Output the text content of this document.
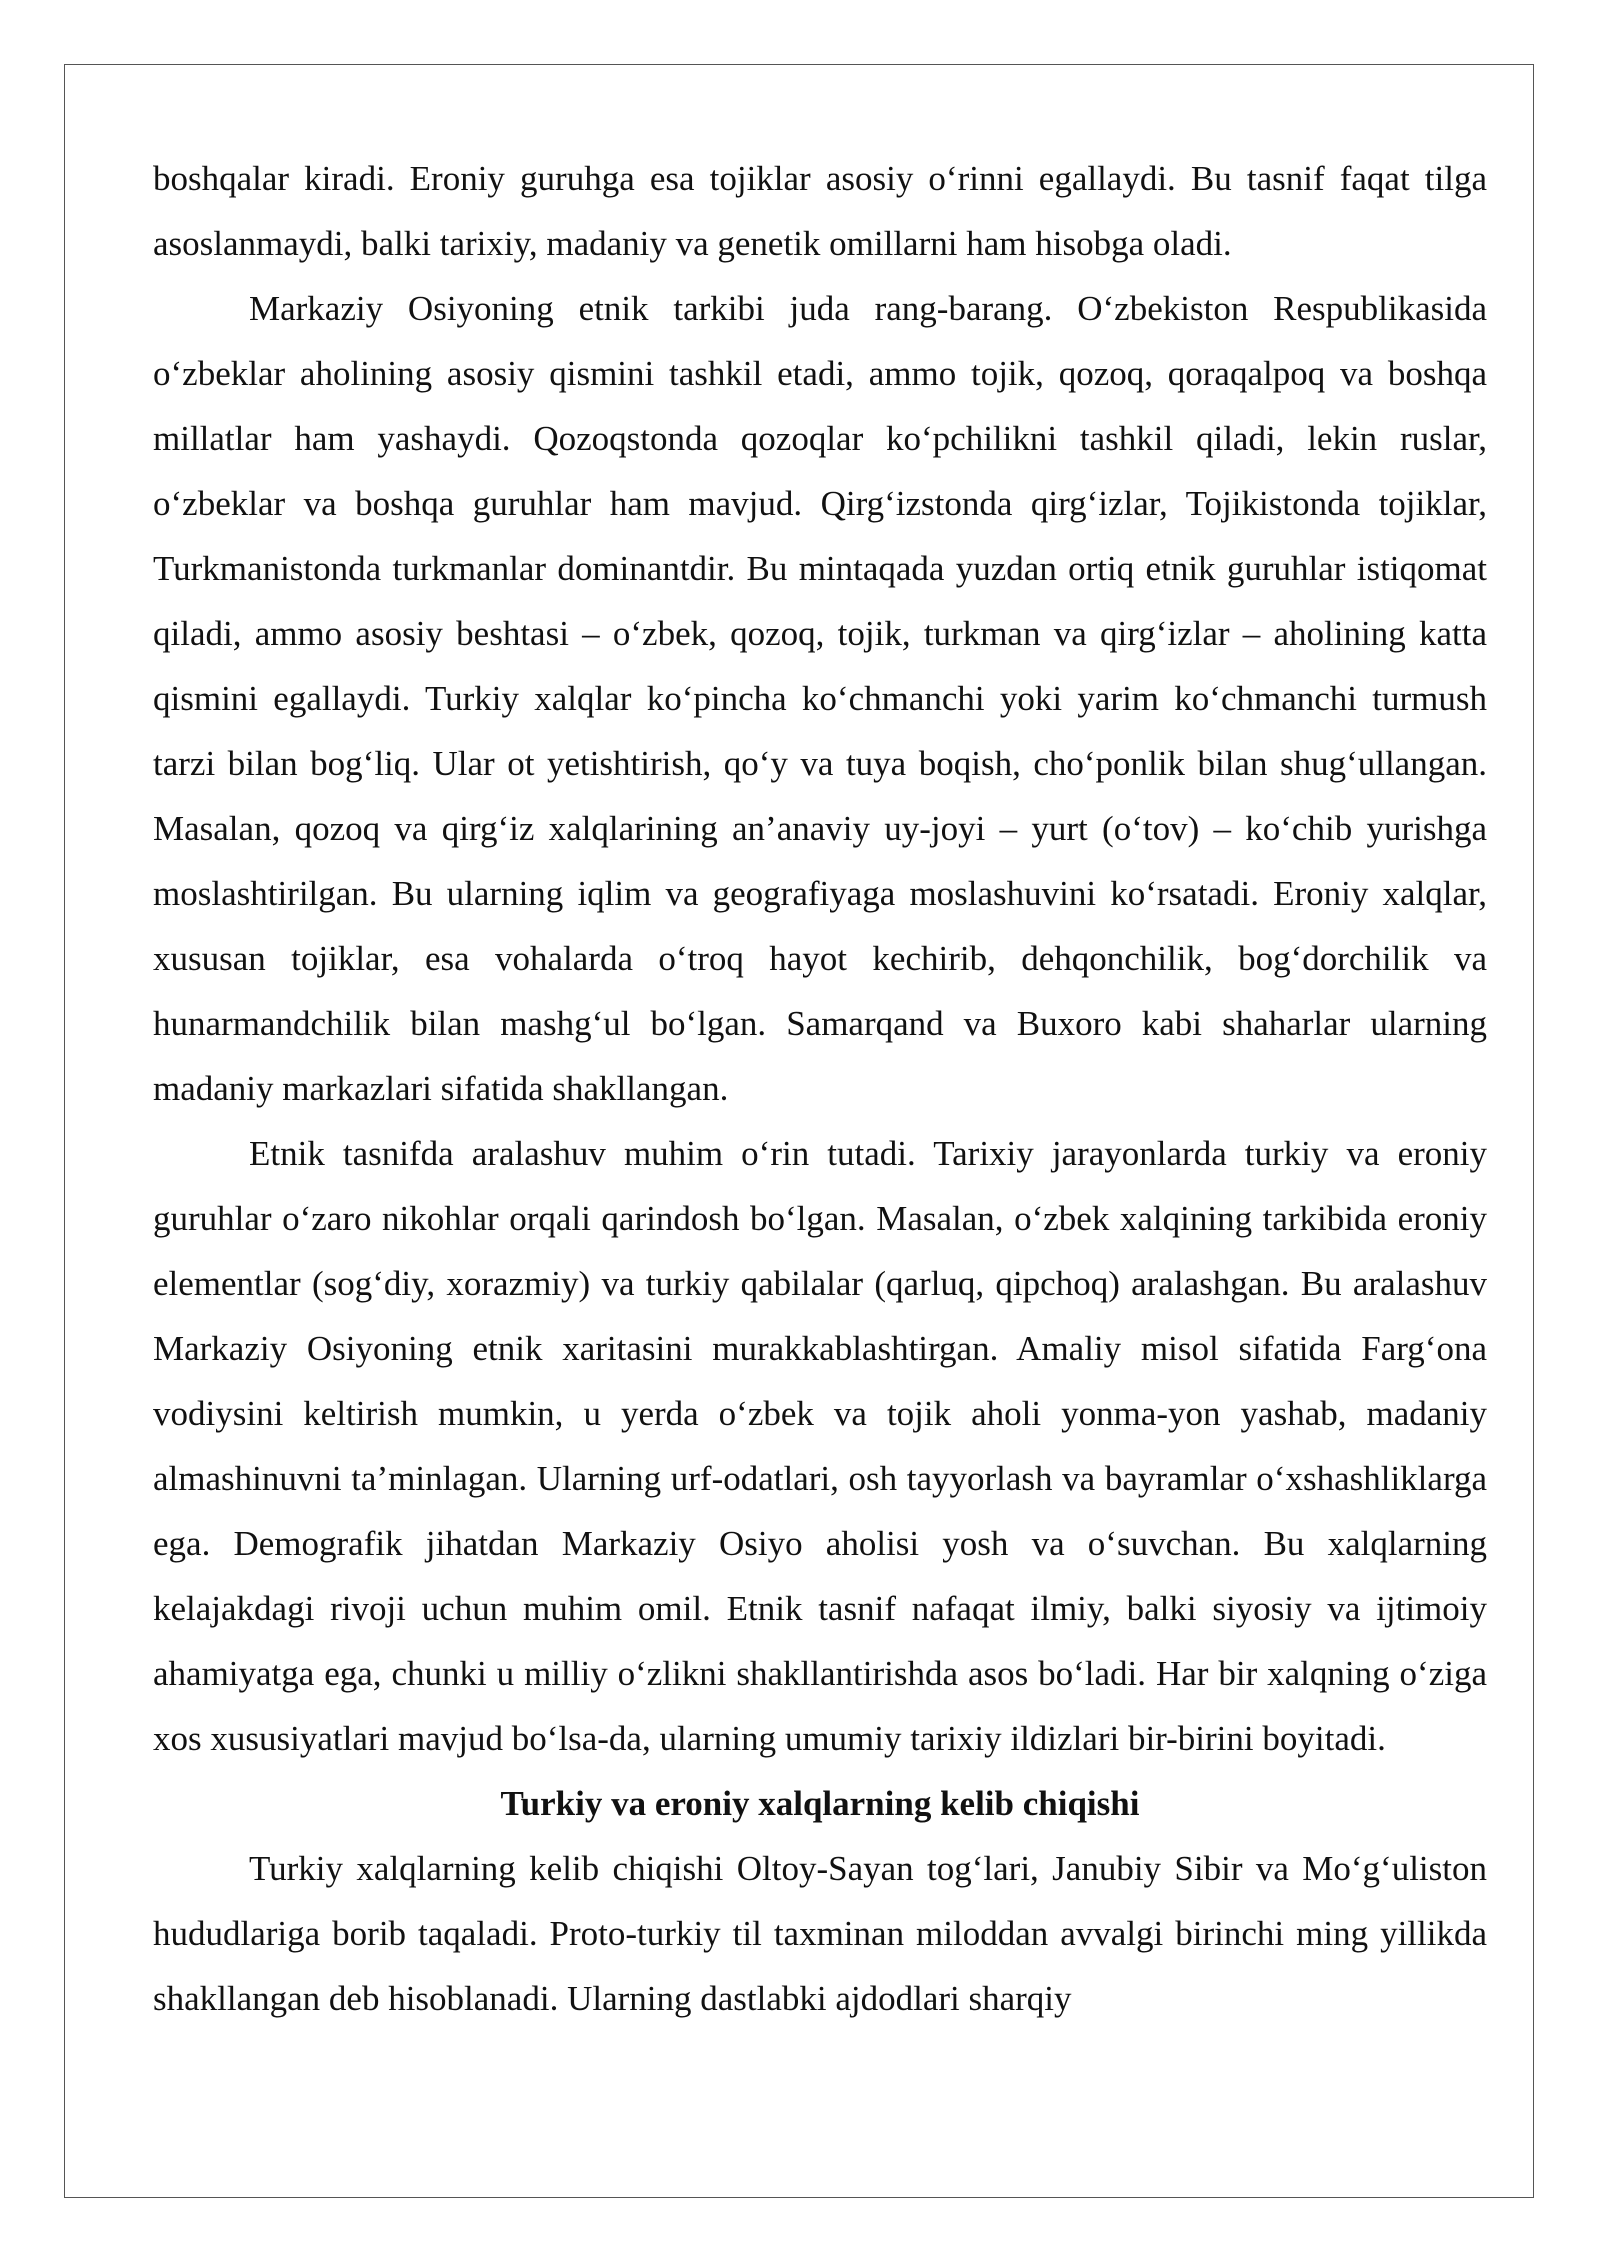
boshqalar kiradi. Eroniy guruhga esa tojiklar asosiy oʻrinni egallaydi. Bu tasnif faqat tilga asoslanmaydi, balki tarixiy, madaniy va genetik omillarni ham hisobga oladi.

Markaziy Osiyoning etnik tarkibi juda rang-barang. Oʻzbekiston Respublikasida oʻzbeklar aholining asosiy qismini tashkil etadi, ammo tojik, qozoq, qoraqalpoq va boshqa millatlar ham yashaydi. Qozoqstonda qozoqlar koʻpchilikni tashkil qiladi, lekin ruslar, oʻzbeklar va boshqa guruhlar ham mavjud. Qirgʻizstonda qirgʻizlar, Tojikistonda tojiklar, Turkmanistonda turkmanlar dominantdir. Bu mintaqada yuzdan ortiq etnik guruhlar istiqomat qiladi, ammo asosiy beshtasi – oʻzbek, qozoq, tojik, turkman va qirgʻizlar – aholining katta qismini egallaydi. Turkiy xalqlar koʻpincha koʻchmanchi yoki yarim koʻchmanchi turmush tarzi bilan bogʻliq. Ular ot yetishtirish, qoʻy va tuya boqish, choʻponlik bilan shugʻullangan. Masalan, qozoq va qirgʻiz xalqlarining an’anaviy uy-joyi – yurt (oʻtov) – koʻchib yurishga moslashtirilgan. Bu ularning iqlim va geografiyaga moslashuvini koʻrsatadi. Eroniy xalqlar, xususan tojiklar, esa vohalarda oʻtroq hayot kechirib, dehqonchilik, bogʻdorchilik va hunarmandchilik bilan mashgʻul boʻlgan. Samarqand va Buxoro kabi shaharlar ularning madaniy markazlari sifatida shakllangan.

Etnik tasnifda aralashuv muhim oʻrin tutadi. Tarixiy jarayonlarda turkiy va eroniy guruhlar oʻzaro nikohlar orqali qarindosh boʻlgan. Masalan, oʻzbek xalqining tarkibida eroniy elementlar (sogʻdiy, xorazmiy) va turkiy qabilalar (qarluq, qipchoq) aralashgan. Bu aralashuv Markaziy Osiyoning etnik xaritasini murakkablashtirgan. Amaliy misol sifatida Fargʻona vodiysini keltirish mumkin, u yerda oʻzbek va tojik aholi yonma-yon yashab, madaniy almashinuvni ta’minlagan. Ularning urf-odatlari, osh tayyorlash va bayramlar oʻxshashliklarga ega. Demografik jihatdan Markaziy Osiyo aholisi yosh va oʻsuvchan. Bu xalqlarning kelajakdagi rivoji uchun muhim omil. Etnik tasnif nafaqat ilmiy, balki siyosiy va ijtimoiy ahamiyatga ega, chunki u milliy oʻzlikni shakllantirishda asos boʻladi. Har bir xalqning oʻziga xos xususiyatlari mavjud boʻlsa-da, ularning umumiy tarixiy ildizlari bir-birini boyitadi.

Turkiy va eroniy xalqlarning kelib chiqishi

Turkiy xalqlarning kelib chiqishi Oltoy-Sayan togʻlari, Janubiy Sibir va Moʻgʻuliston hududlariga borib taqaladi. Proto-turkiy til taxminan miloddan avvalgi birinchi ming yillikda shakllangan deb hisoblanadi. Ularning dastlabki ajdodlari sharqiy
